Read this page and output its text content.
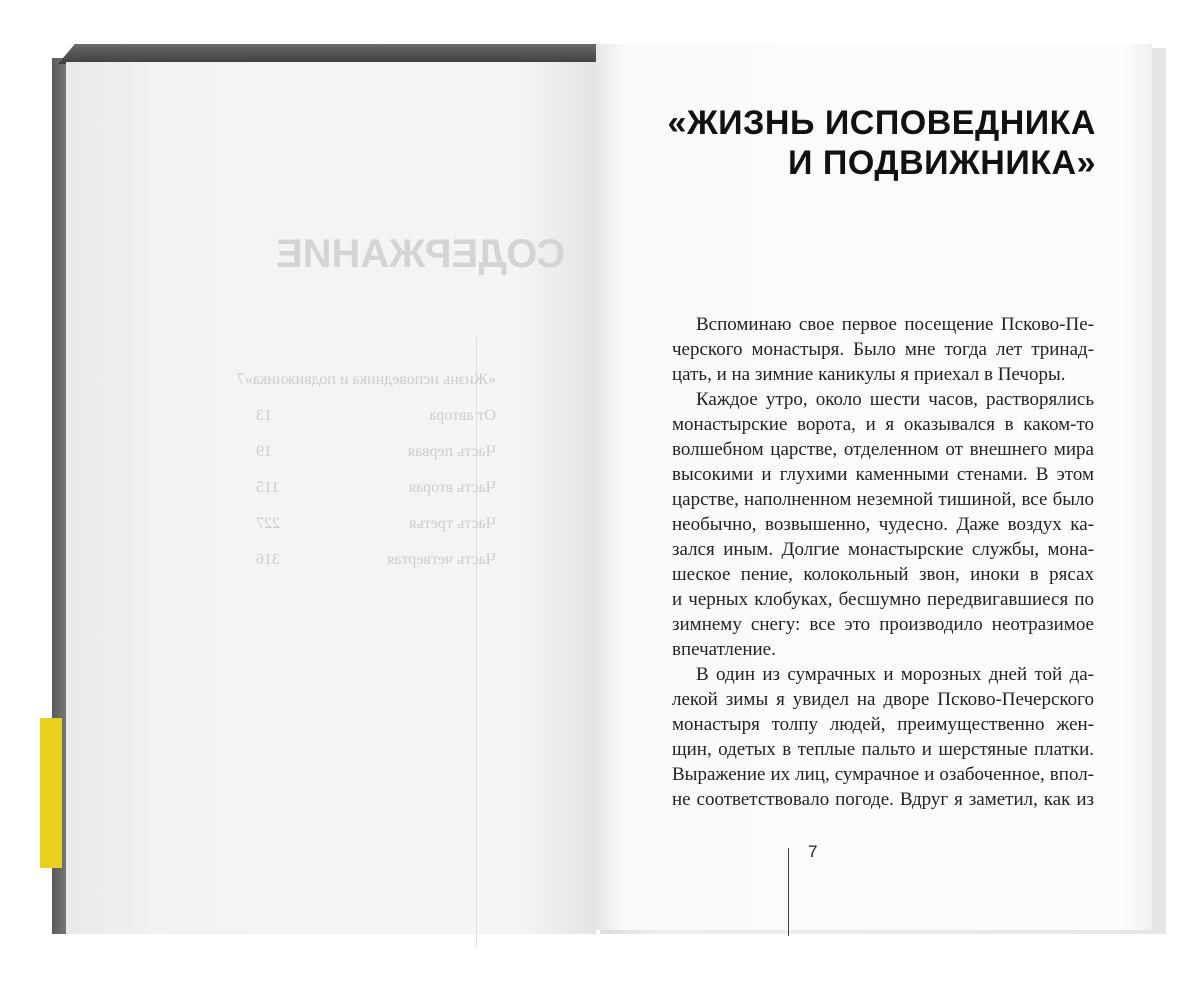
СОДЕРЖАНИЕ
«Жизнь исповедника и подвижника»
7
От автора
13
Часть первая
19
Часть вторая
115
Часть третья
227
Часть четвертая
316
«ЖИЗНЬ ИСПОВЕДНИКА
И ПОДВИЖНИКА»
Вспоминаю свое первое посещение Псково-Пе-
черского монастыря. Было мне тогда лет тринад-
цать, и на зимние каникулы я приехал в Печоры.
Каждое утро, около шести часов, растворялись
монастырские ворота, и я оказывался в каком-то
волшебном царстве, отделенном от внешнего мира
высокими и глухими каменными стенами. В этом
царстве, наполненном неземной тишиной, все было
необычно, возвышенно, чудесно. Даже воздух ка-
зался иным. Долгие монастырские службы, мона-
шеское пение, колокольный звон, иноки в рясах
и черных клобуках, бесшумно передвигавшиеся по
зимнему снегу: все это производило неотразимое
впечатление.
В один из сумрачных и морозных дней той да-
лекой зимы я увидел на дворе Псково-Печерского
монастыря толпу людей, преимущественно жен-
щин, одетых в теплые пальто и шерстяные платки.
Выражение их лиц, сумрачное и озабоченное, впол-
не соответствовало погоде. Вдруг я заметил, как из
7
